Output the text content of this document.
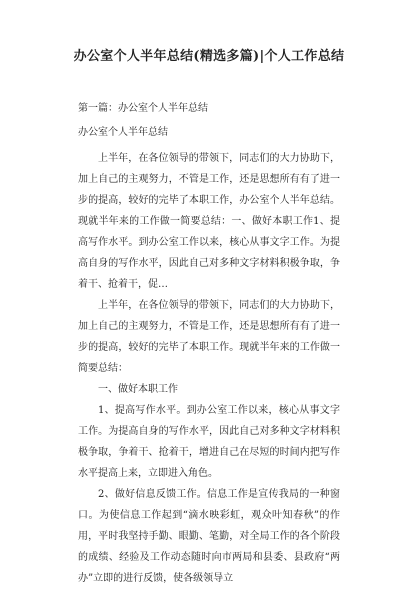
办公室个人半年总结(精选多篇)|个人工作总结
第一篇：办公室个人半年总结
办公室个人半年总结

上半年，在各位领导的带领下，同志们的大力协助下，加上自己的主观努力，不管是工作，还是思想所有有了进一步的提高，较好的完毕了本职工作，办公室个人半年总结。现就半年来的工作做一简要总结：一、做好本职工作1、提高写作水平。到办公室工作以来，核心从事文字工作。为提高自身的写作水平，因此自己对多种文字材料积极争取，争着干、抢着干，促…

上半年，在各位领导的带领下，同志们的大力协助下，加上自己的主观努力，不管是工作，还是思想所有有了进一步的提高，较好的完毕了本职工作。现就半年来的工作做一简要总结：

一、做好本职工作

1、提高写作水平。到办公室工作以来，核心从事文字工作。为提高自身的写作水平，因此自己对多种文字材料积极争取，争着干、抢着干，增进自己在尽短的时间内把写作水平提高上来，立即进入角色。

2、做好信息反馈工作。信息工作是宣传我局的一种窗口。为使信息工作起到“滴水映彩虹，观众叶知春秋”的作用，平时我坚持手勤、眼勤、笔勤，对全局工作的各个阶段的成绩、经验及工作动态随时向市两局和县委、县政府“两办”立即的进行反馈，使各级领导立
